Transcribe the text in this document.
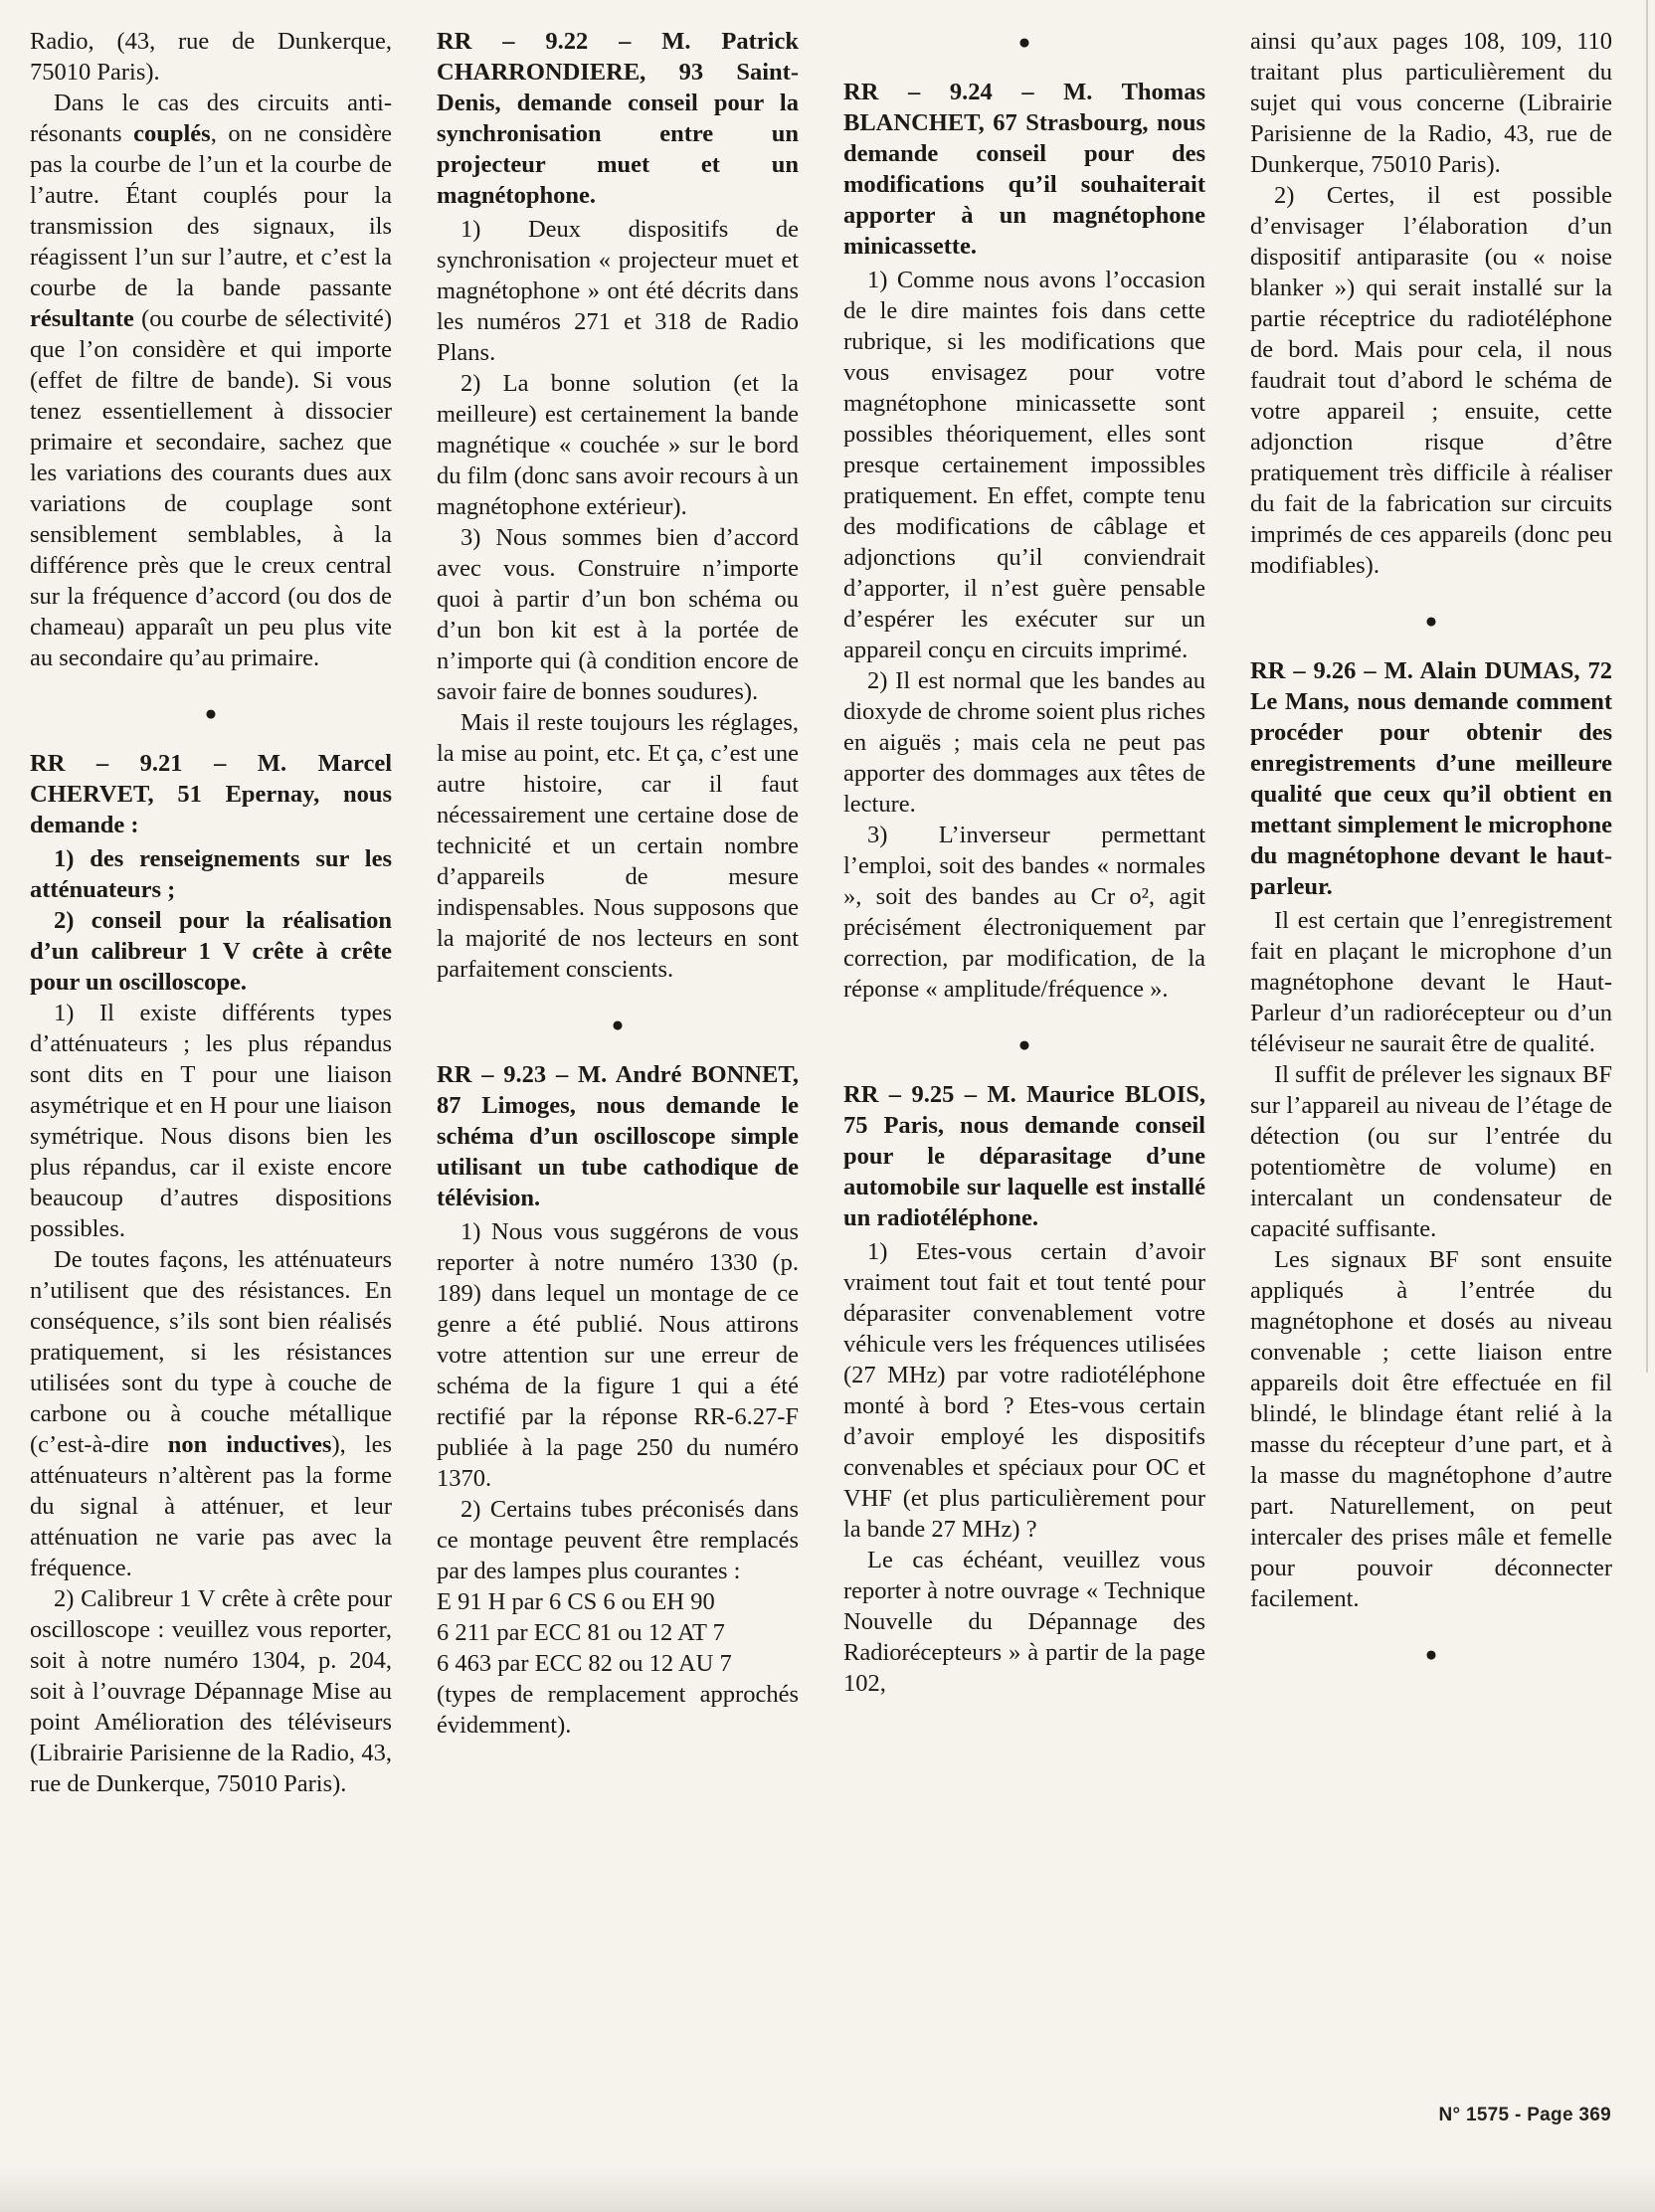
Radio, (43, rue de Dunkerque, 75010 Paris).

Dans le cas des circuits anti-résonants couplés, on ne considère pas la courbe de l’un et la courbe de l’autre. Étant couplés pour la transmission des signaux, ils réagissent l’un sur l’autre, et c’est la courbe de la bande passante résultante (ou courbe de sélectivité) que l’on considère et qui importe (effet de filtre de bande). Si vous tenez essentiellement à dissocier primaire et secondaire, sachez que les variations des courants dues aux variations de couplage sont sensiblement semblables, à la différence près que le creux central sur la fréquence d’accord (ou dos de chameau) apparaît un peu plus vite au secondaire qu’au primaire.

●

RR – 9.21 – M. Marcel CHERVET, 51 Epernay, nous demande :

1) des renseignements sur les atténuateurs ;

2) conseil pour la réalisation d’un calibreur 1 V crête à crête pour un oscilloscope.

1) Il existe différents types d’atténuateurs ; les plus répandus sont dits en T pour une liaison asymétrique et en H pour une liaison symétrique. Nous disons bien les plus répandus, car il existe encore beaucoup d’autres dispositions possibles.

De toutes façons, les atténuateurs n’utilisent que des résistances. En conséquence, s’ils sont bien réalisés pratiquement, si les résistances utilisées sont du type à couche de carbone ou à couche métallique (c’est-à-dire non inductives), les atténuateurs n’altèrent pas la forme du signal à atténuer, et leur atténuation ne varie pas avec la fréquence.

2) Calibreur 1 V crête à crête pour oscilloscope : veuillez vous reporter, soit à notre numéro 1304, p. 204, soit à l’ouvrage Dépannage Mise au point Amélioration des téléviseurs (Librairie Parisienne de la Radio, 43, rue de Dunkerque, 75010 Paris).

RR – 9.22 – M. Patrick CHARRONDIERE, 93 Saint-Denis, demande conseil pour la synchronisation entre un projecteur muet et un magnétophone.

1) Deux dispositifs de synchronisation « projecteur muet et magnétophone » ont été décrits dans les numéros 271 et 318 de Radio Plans.

2) La bonne solution (et la meilleure) est certainement la bande magnétique « couchée » sur le bord du film (donc sans avoir recours à un magnétophone extérieur).

3) Nous sommes bien d’accord avec vous. Construire n’importe quoi à partir d’un bon schéma ou d’un bon kit est à la portée de n’importe qui (à condition encore de savoir faire de bonnes soudures).

Mais il reste toujours les réglages, la mise au point, etc. Et ça, c’est une autre histoire, car il faut nécessairement une certaine dose de technicité et un certain nombre d’appareils de mesure indispensables. Nous supposons que la majorité de nos lecteurs en sont parfaitement conscients.

●

RR – 9.23 – M. André BONNET, 87 Limoges, nous demande le schéma d’un oscilloscope simple utilisant un tube cathodique de télévision.

1) Nous vous suggérons de vous reporter à notre numéro 1330 (p. 189) dans lequel un montage de ce genre a été publié. Nous attirons votre attention sur une erreur de schéma de la figure 1 qui a été rectifié par la réponse RR-6.27-F publiée à la page 250 du numéro 1370.

2) Certains tubes préconisés dans ce montage peuvent être remplacés par des lampes plus courantes :

E 91 H par 6 CS 6 ou EH 90

6 211 par ECC 81 ou 12 AT 7

6 463 par ECC 82 ou 12 AU 7

(types de remplacement approchés évidemment).

●

RR – 9.24 – M. Thomas BLANCHET, 67 Strasbourg, nous demande conseil pour des modifications qu’il souhaiterait apporter à un magnétophone minicassette.

1) Comme nous avons l’occasion de le dire maintes fois dans cette rubrique, si les modifications que vous envisagez pour votre magnétophone minicassette sont possibles théoriquement, elles sont presque certainement impossibles pratiquement. En effet, compte tenu des modifications de câblage et adjonctions qu’il conviendrait d’apporter, il n’est guère pensable d’espérer les exécuter sur un appareil conçu en circuits imprimé.

2) Il est normal que les bandes au dioxyde de chrome soient plus riches en aiguës ; mais cela ne peut pas apporter des dommages aux têtes de lecture.

3) L’inverseur permettant l’emploi, soit des bandes « normales », soit des bandes au Cr o², agit précisément électroniquement par correction, par modification, de la réponse « amplitude/fréquence ».

●

RR – 9.25 – M. Maurice BLOIS, 75 Paris, nous demande conseil pour le déparasitage d’une automobile sur laquelle est installé un radiotéléphone.

1) Etes-vous certain d’avoir vraiment tout fait et tout tenté pour déparasiter convenablement votre véhicule vers les fréquences utilisées (27 MHz) par votre radiotéléphone monté à bord ? Etes-vous certain d’avoir employé les dispositifs convenables et spéciaux pour OC et VHF (et plus particulièrement pour la bande 27 MHz) ?

Le cas échéant, veuillez vous reporter à notre ouvrage « Technique Nouvelle du Dépannage des Radiorécepteurs » à partir de la page 102,

ainsi qu’aux pages 108, 109, 110 traitant plus particulièrement du sujet qui vous concerne (Librairie Parisienne de la Radio, 43, rue de Dunkerque, 75010 Paris).

2) Certes, il est possible d’envisager l’élaboration d’un dispositif antiparasite (ou « noise blanker ») qui serait installé sur la partie réceptrice du radiotéléphone de bord. Mais pour cela, il nous faudrait tout d’abord le schéma de votre appareil ; ensuite, cette adjonction risque d’être pratiquement très difficile à réaliser du fait de la fabrication sur circuits imprimés de ces appareils (donc peu modifiables).

●

RR – 9.26 – M. Alain DUMAS, 72 Le Mans, nous demande comment procéder pour obtenir des enregistrements d’une meilleure qualité que ceux qu’il obtient en mettant simplement le microphone du magnétophone devant le haut-parleur.

Il est certain que l’enregistrement fait en plaçant le microphone d’un magnétophone devant le Haut-Parleur d’un radiorécepteur ou d’un téléviseur ne saurait être de qualité.

Il suffit de prélever les signaux BF sur l’appareil au niveau de l’étage de détection (ou sur l’entrée du potentiomètre de volume) en intercalant un condensateur de capacité suffisante.

Les signaux BF sont ensuite appliqués à l’entrée du magnétophone et dosés au niveau convenable ; cette liaison entre appareils doit être effectuée en fil blindé, le blindage étant relié à la masse du récepteur d’une part, et à la masse du magnétophone d’autre part. Naturellement, on peut intercaler des prises mâle et femelle pour pouvoir déconnecter facilement.

●
N° 1575 - Page 369
